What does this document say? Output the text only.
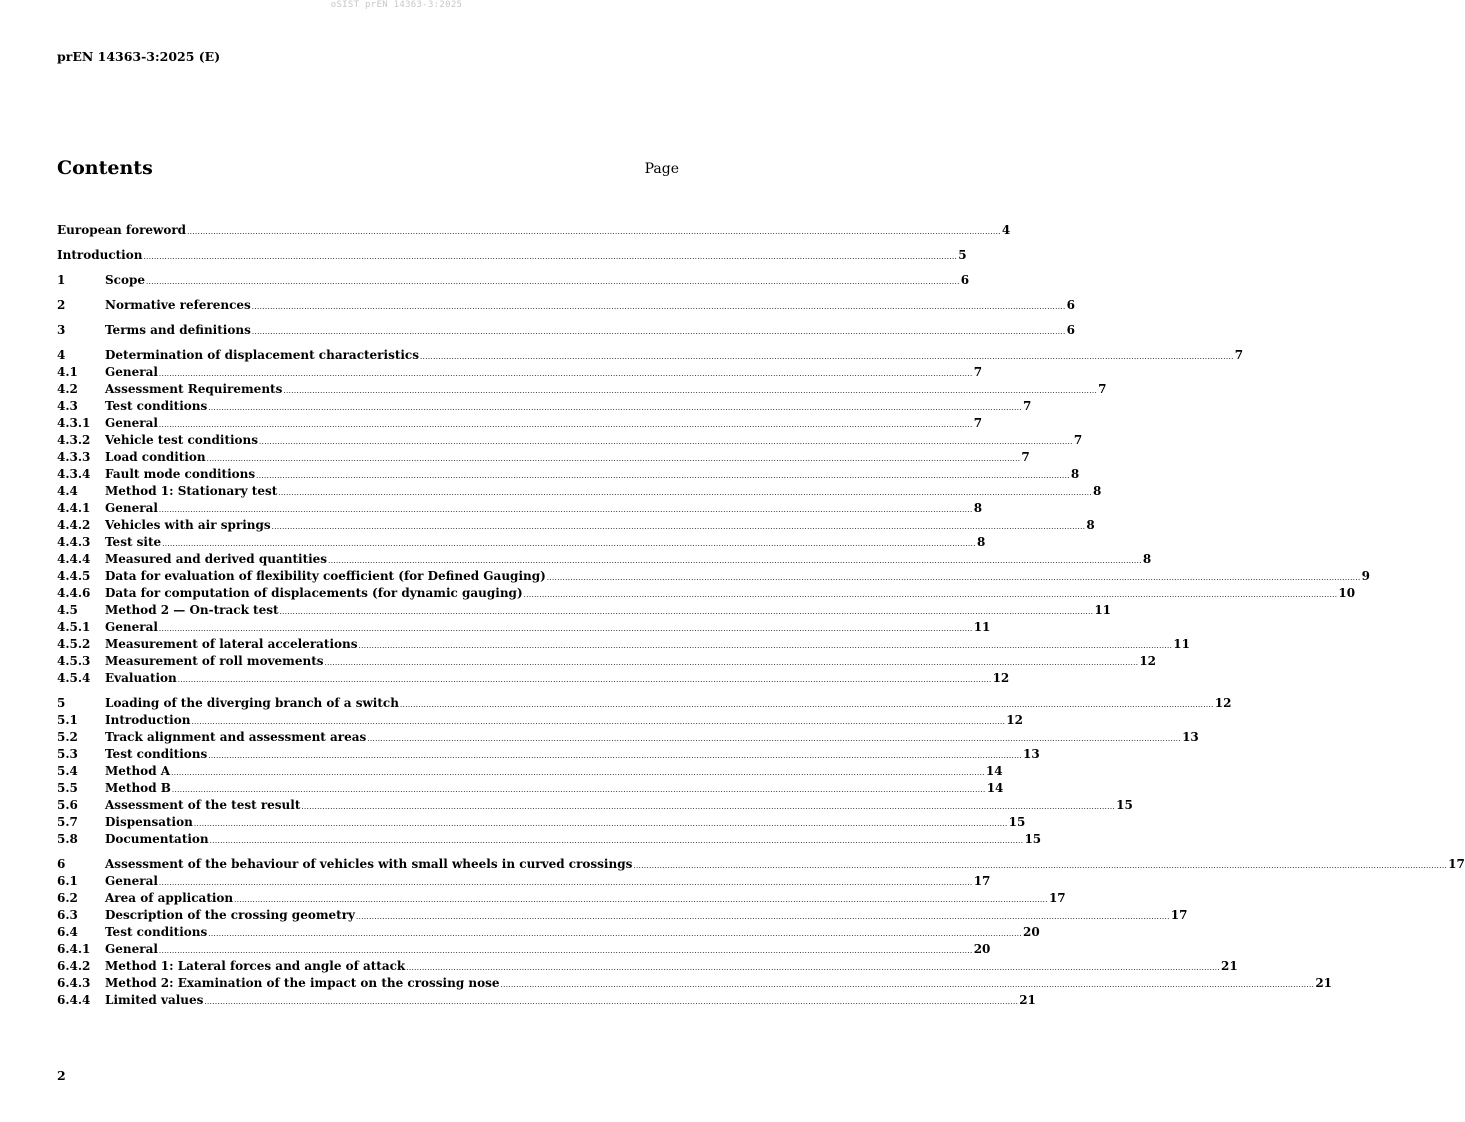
oSIST prEN 14363-3:2025
prEN 14363-3:2025 (E)
Contents	Page
European foreword .....	4
Introduction .....	5
1	Scope .....	6
2	Normative references .....	6
3	Terms and definitions .....	6
4	Determination of displacement characteristics .....	7
4.1	General .....	7
4.2	Assessment Requirements .....	7
4.3	Test conditions .....	7
4.3.1	General .....	7
4.3.2	Vehicle test conditions .....	7
4.3.3	Load condition .....	7
4.3.4	Fault mode conditions .....	8
4.4	Method 1: Stationary test .....	8
4.4.1	General .....	8
4.4.2	Vehicles with air springs .....	8
4.4.3	Test site .....	8
4.4.4	Measured and derived quantities .....	8
4.4.5	Data for evaluation of flexibility coefficient (for Defined Gauging) .....	9
4.4.6	Data for computation of displacements (for dynamic gauging) .....	10
4.5	Method 2 — On-track test .....	11
4.5.1	General .....	11
4.5.2	Measurement of lateral accelerations .....	11
4.5.3	Measurement of roll movements .....	12
4.5.4	Evaluation .....	12
5	Loading of the diverging branch of a switch .....	12
5.1	Introduction .....	12
5.2	Track alignment and assessment areas .....	13
5.3	Test conditions .....	13
5.4	Method A .....	14
5.5	Method B .....	14
5.6	Assessment of the test result .....	15
5.7	Dispensation .....	15
5.8	Documentation .....	15
6	Assessment of the behaviour of vehicles with small wheels in curved crossings .....	17
6.1	General .....	17
6.2	Area of application .....	17
6.3	Description of the crossing geometry .....	17
6.4	Test conditions .....	20
6.4.1	General .....	20
6.4.2	Method 1: Lateral forces and angle of attack .....	21
6.4.3	Method 2: Examination of the impact on the crossing nose .....	21
6.4.4	Limited values .....	21
2
